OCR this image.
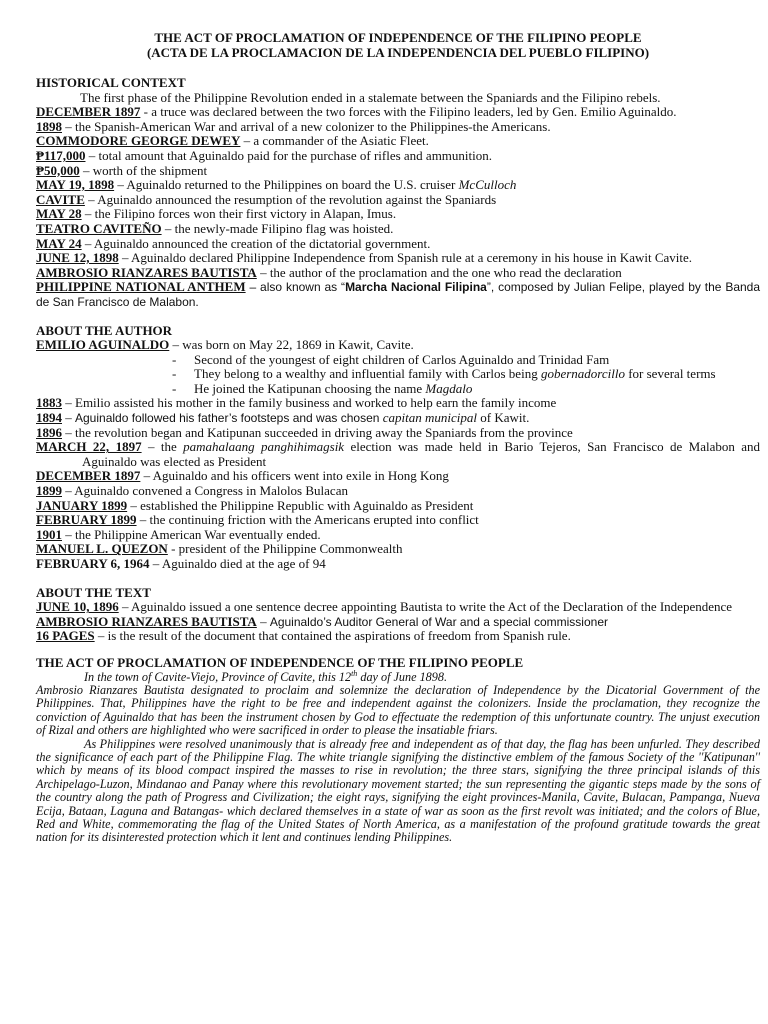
THE ACT OF PROCLAMATION OF INDEPENDENCE OF THE FILIPINO PEOPLE
(ACTA DE LA PROCLAMACION DE LA INDEPENDENCIA DEL PUEBLO FILIPINO)
HISTORICAL CONTEXT
The first phase of the Philippine Revolution ended in a stalemate between the Spaniards and the Filipino rebels.
DECEMBER 1897 - a truce was declared between the two forces with the Filipino leaders, led by Gen. Emilio Aguinaldo.
1898 – the Spanish-American War and arrival of a new colonizer to the Philippines-the Americans.
COMMODORE GEORGE DEWEY – a commander of the Asiatic Fleet.
₱117,000 – total amount that Aguinaldo paid for the purchase of rifles and ammunition.
₱50,000 – worth of the shipment
MAY 19, 1898 – Aguinaldo returned to the Philippines on board the U.S. cruiser McCulloch
CAVITE – Aguinaldo announced the resumption of the revolution against the Spaniards
MAY 28 – the Filipino forces won their first victory in Alapan, Imus.
TEATRO CAVITEÑO – the newly-made Filipino flag was hoisted.
MAY 24 – Aguinaldo announced the creation of the dictatorial government.
JUNE 12, 1898 – Aguinaldo declared Philippine Independence from Spanish rule at a ceremony in his house in Kawit Cavite.
AMBROSIO RIANZARES BAUTISTA – the author of the proclamation and the one who read the declaration
PHILIPPINE NATIONAL ANTHEM – also known as “Marcha Nacional Filipina”, composed by Julian Felipe, played by the Banda de San Francisco de Malabon.
ABOUT THE AUTHOR
EMILIO AGUINALDO – was born on May 22, 1869 in Kawit, Cavite.
-	Second of the youngest of eight children of Carlos Aguinaldo and Trinidad Fam
-	They belong to a wealthy and influential family with Carlos being gobernadorcillo for several terms
-	He joined the Katipunan choosing the name Magdalo
1883 – Emilio assisted his mother in the family business and worked to help earn the family income
1894 – Aguinaldo followed his father’s footsteps and was chosen capitan municipal of Kawit.
1896 – the revolution began and Katipunan succeeded in driving away the Spaniards from the province
MARCH 22, 1897 – the pamahalaang panghihimagsik election was made held in Bario Tejeros, San Francisco de Malabon and Aguinaldo was elected as President
DECEMBER 1897 – Aguinaldo and his officers went into exile in Hong Kong
1899 – Aguinaldo convened a Congress in Malolos Bulacan
JANUARY 1899 – established the Philippine Republic with Aguinaldo as President
FEBRUARY 1899 – the continuing friction with the Americans erupted into conflict
1901 – the Philippine American War eventually ended.
MANUEL L. QUEZON - president of the Philippine Commonwealth
FEBRUARY 6, 1964 – Aguinaldo died at the age of 94
ABOUT THE TEXT
JUNE 10, 1896 – Aguinaldo issued a one sentence decree appointing Bautista to write the Act of the Declaration of the Independence
AMBROSIO RIANZARES BAUTISTA – Aguinaldo’s Auditor General of War and a special commissioner
16 PAGES – is the result of the document that contained the aspirations of freedom from Spanish rule.
THE ACT OF PROCLAMATION OF INDEPENDENCE OF THE FILIPINO PEOPLE
In the town of Cavite-Viejo, Province of Cavite, this 12th day of June 1898.
Ambrosio Rianzares Bautista designated to proclaim and solemnize the declaration of Independence by the Dicatorial Government of the Philippines. That, Philippines have the right to be free and independent against the colonizers. Inside the proclamation, they recognize the conviction of Aguinaldo that has been the instrument chosen by God to effectuate the redemption of this unfortunate country. The unjust execution of Rizal and others are highlighted who were sacrificed in order to please the insatiable friars.
As Philippines were resolved unanimously that is already free and independent as of that day, the flag has been unfurled. They described the significance of each part of the Philippine Flag. The white triangle signifying the distinctive emblem of the famous Society of the ''Katipunan'' which by means of its blood compact inspired the masses to rise in revolution; the three stars, signifying the three principal islands of this Archipelago-Luzon, Mindanao and Panay where this revolutionary movement started; the sun representing the gigantic steps made by the sons of the country along the path of Progress and Civilization; the eight rays, signifying the eight provinces-Manila, Cavite, Bulacan, Pampanga, Nueva Ecija, Bataan, Laguna and Batangas- which declared themselves in a state of war as soon as the first revolt was initiated; and the colors of Blue, Red and White, commemorating the flag of the United States of North America, as a manifestation of the profound gratitude towards the great nation for its disinterested protection which it lent and continues lending Philippines.
